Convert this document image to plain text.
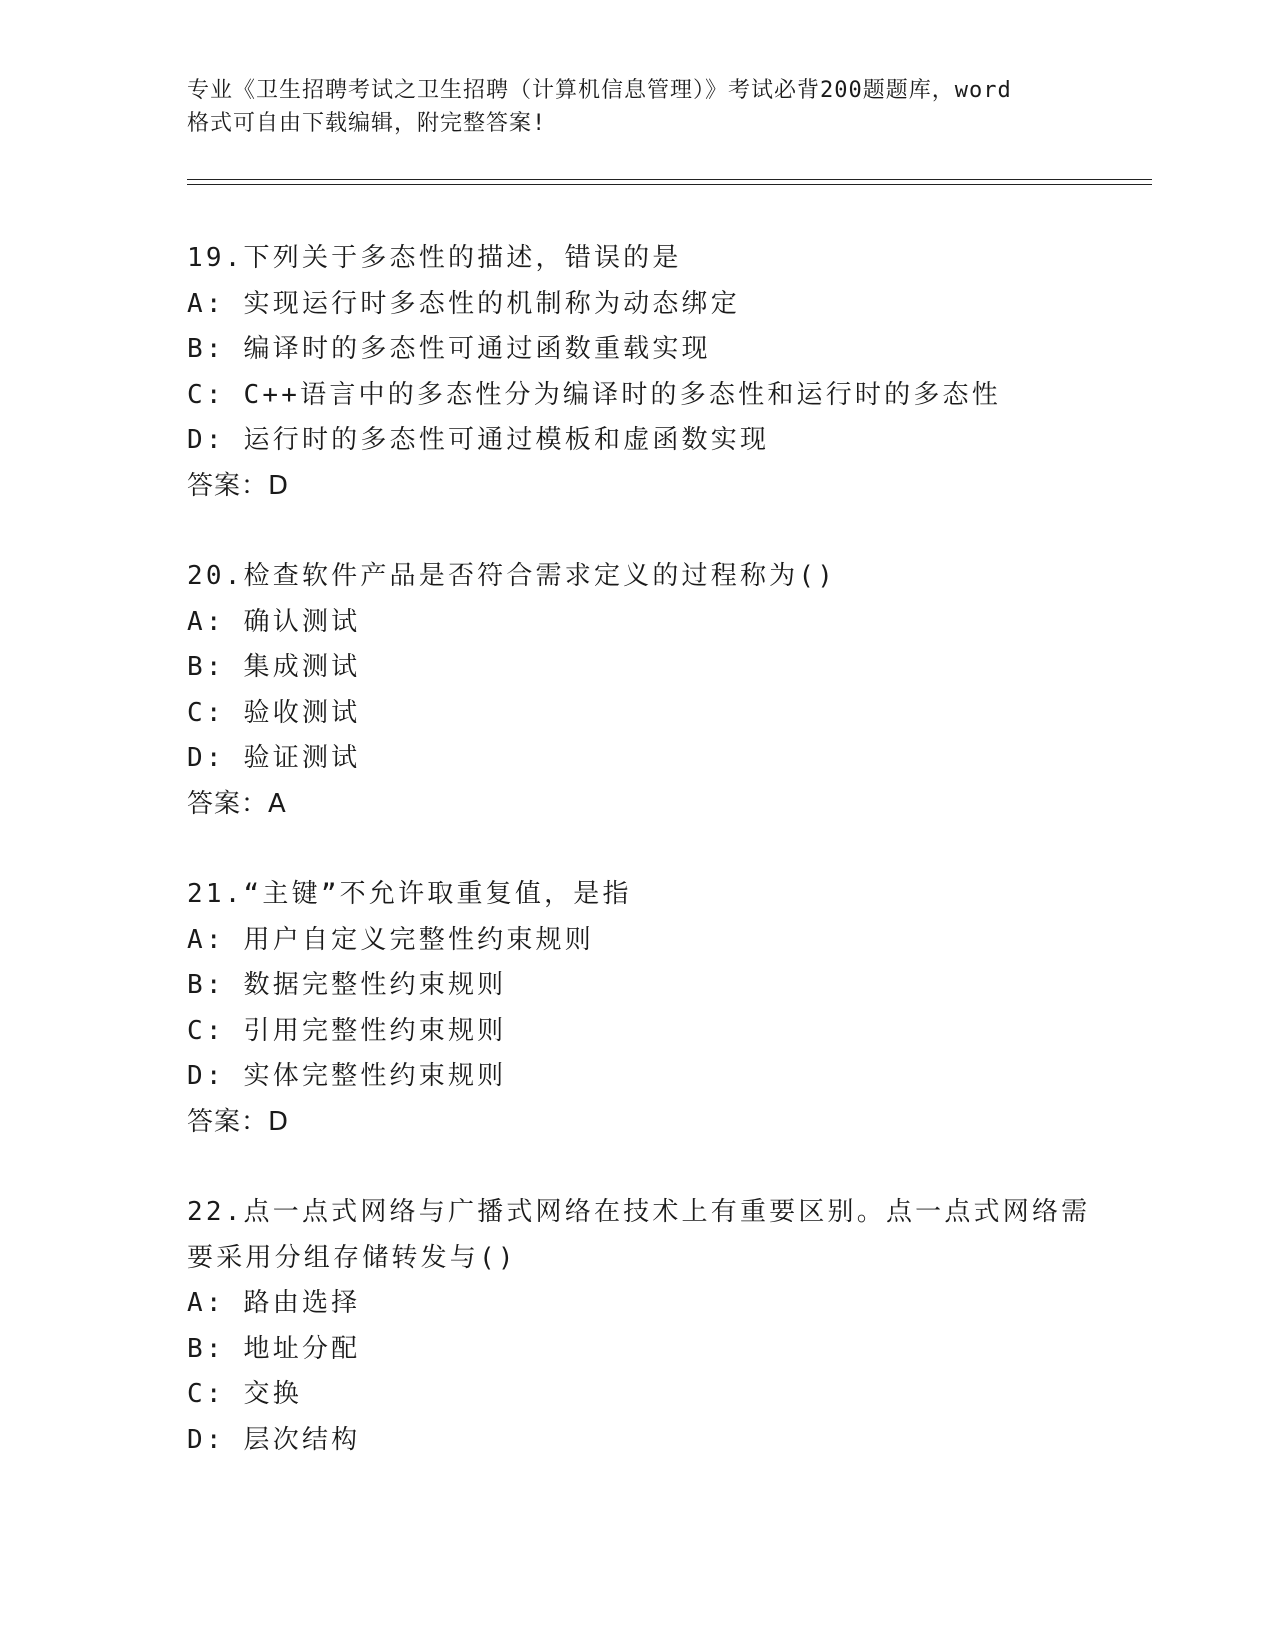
专业《卫生招聘考试之卫生招聘（计算机信息管理）》考试必背200题题库，word
格式可自由下载编辑，附完整答案!
19.下列关于多态性的描述，错误的是
A: 实现运行时多态性的机制称为动态绑定
B: 编译时的多态性可通过函数重载实现
C: C++语言中的多态性分为编译时的多态性和运行时的多态性
D: 运行时的多态性可通过模板和虚函数实现
答案：D
20.检查软件产品是否符合需求定义的过程称为()
A: 确认测试
B: 集成测试
C: 验收测试
D: 验证测试
答案：A
21.“主键”不允许取重复值，是指
A: 用户自定义完整性约束规则
B: 数据完整性约束规则
C: 引用完整性约束规则
D: 实体完整性约束规则
答案：D
22.点一点式网络与广播式网络在技术上有重要区别。点一点式网络需
要采用分组存储转发与()
A: 路由选择
B: 地址分配
C: 交换
D: 层次结构
